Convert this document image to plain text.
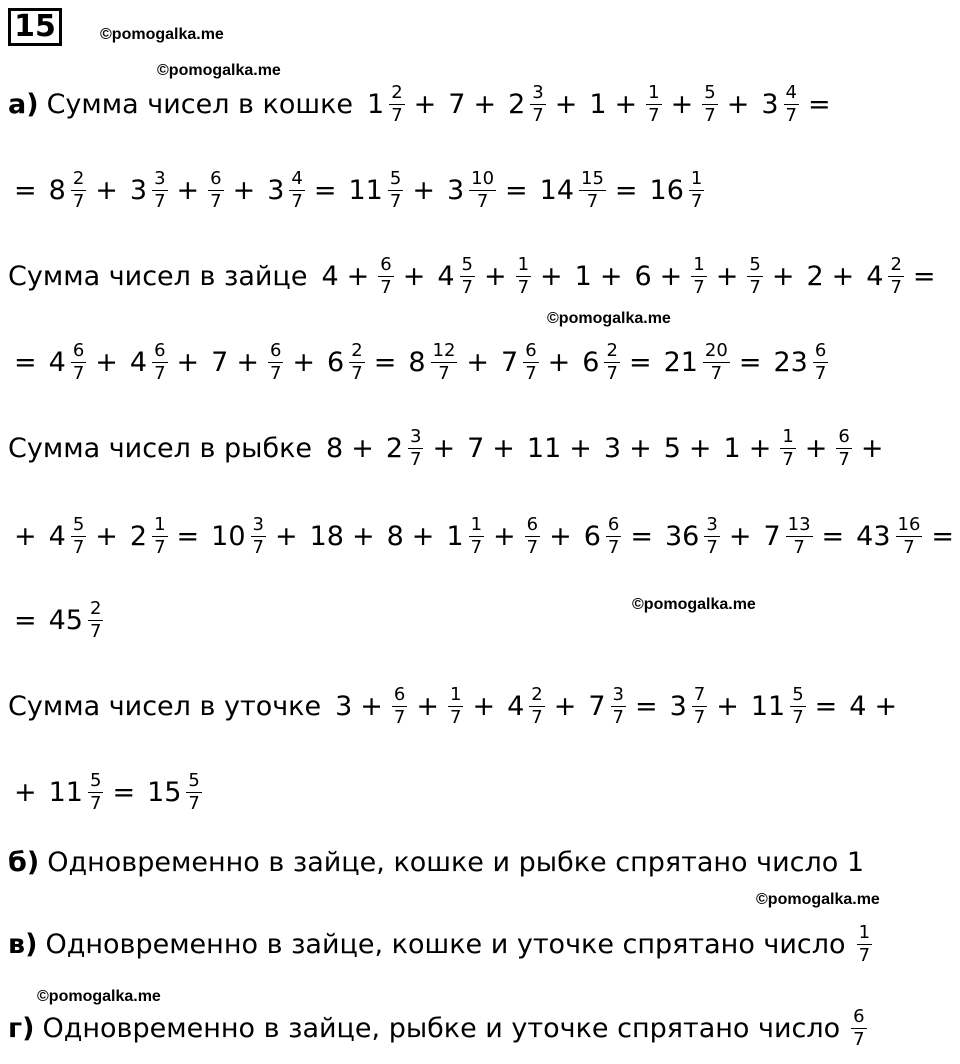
15	©pomogalka.me
©pomogalka.me
©pomogalka.me
©pomogalka.me
©pomogalka.me
©pomogalka.me
а) Сумма чисел в кошке $1 \frac{2}{7} + 7 + 2 \frac{3}{7} + 1 + \frac{1}{7} + \frac{5}{7} + 3 \frac{4}{7}$ =
= $8 \frac{2}{7} + 3 \frac{3}{7} + \frac{6}{7} + 3 \frac{4}{7} = 11 \frac{5}{7} + 3 \frac{10}{7} = 14 \frac{15}{7} = 16 \frac{1}{7}$
Сумма чисел в зайце $4 + \frac{6}{7} + 4 \frac{5}{7} + \frac{1}{7} + 1 + 6 + \frac{1}{7} + \frac{5}{7} + 2 + 4 \frac{2}{7}$ =
= $4 \frac{6}{7} + 4 \frac{6}{7} + 7 + \frac{6}{7} + 6 \frac{2}{7} = 8 \frac{12}{7} + 7 \frac{6}{7} + 6 \frac{2}{7} = 21 \frac{20}{7} = 23 \frac{6}{7}$
Сумма чисел в рыбке $8 + 2 \frac{3}{7} + 7 + 11 + 3 + 5 + 1 + \frac{1}{7} + \frac{6}{7}$ +
+ $4 \frac{5}{7} + 2 \frac{1}{7} = 10 \frac{3}{7} + 18 + 8 + 1 \frac{1}{7} + \frac{6}{7} + 6 \frac{6}{7} = 36 \frac{3}{7} + 7 \frac{13}{7} = 43 \frac{16}{7}$ =
= $45 \frac{2}{7}$
Сумма чисел в уточке $3 + \frac{6}{7} + \frac{1}{7} + 4 \frac{2}{7} + 7 \frac{3}{7} = 3 \frac{7}{7} + 11 \frac{5}{7} = 4$ +
+ $11 \frac{5}{7} = 15 \frac{5}{7}$
б) Одновременно в зайце, кошке и рыбке спрятано число 1
в) Одновременно в зайце, кошке и уточке спрятано число $\frac{1}{7}$
г) Одновременно в зайце, рыбке и уточке спрятано число $\frac{6}{7}$
